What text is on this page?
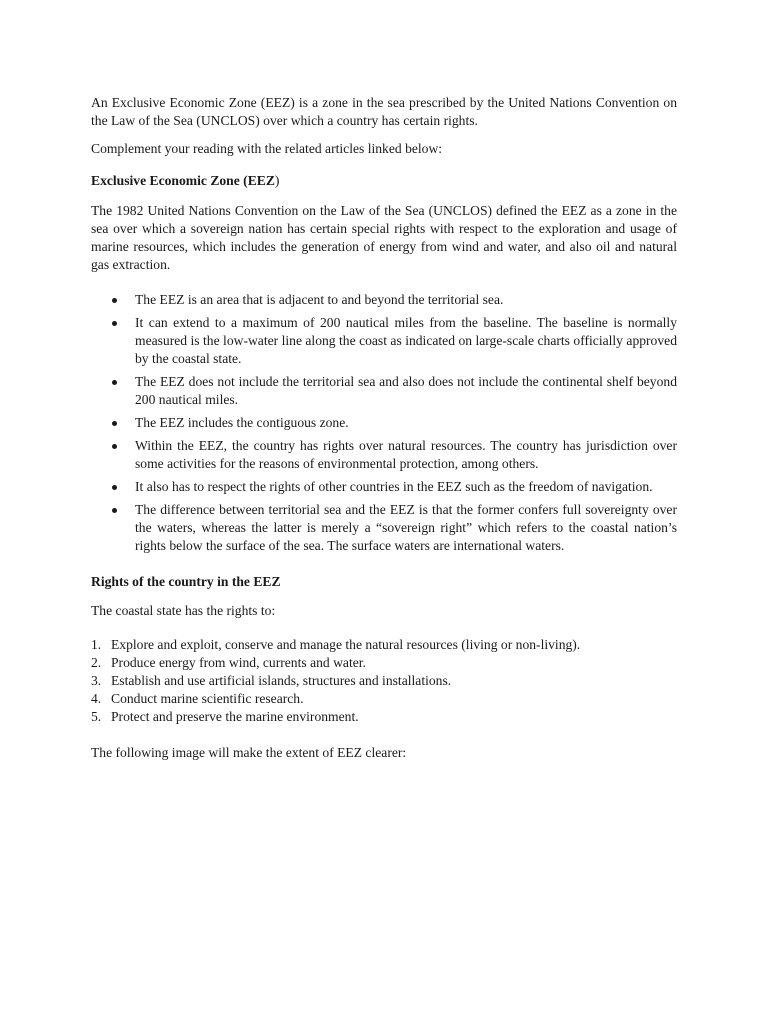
An Exclusive Economic Zone (EEZ) is a zone in the sea prescribed by the United Nations Convention on the Law of the Sea (UNCLOS) over which a country has certain rights.

Complement your reading with the related articles linked below:

Exclusive Economic Zone (EEZ)

The 1982 United Nations Convention on the Law of the Sea (UNCLOS) defined the EEZ as a zone in the sea over which a sovereign nation has certain special rights with respect to the exploration and usage of marine resources, which includes the generation of energy from wind and water, and also oil and natural gas extraction.

The EEZ is an area that is adjacent to and beyond the territorial sea.
It can extend to a maximum of 200 nautical miles from the baseline. The baseline is normally measured is the low-water line along the coast as indicated on large-scale charts officially approved by the coastal state.
The EEZ does not include the territorial sea and also does not include the continental shelf beyond 200 nautical miles.
The EEZ includes the contiguous zone.
Within the EEZ, the country has rights over natural resources. The country has jurisdiction over some activities for the reasons of environmental protection, among others.
It also has to respect the rights of other countries in the EEZ such as the freedom of navigation.
The difference between territorial sea and the EEZ is that the former confers full sovereignty over the waters, whereas the latter is merely a “sovereign right” which refers to the coastal nation’s rights below the surface of the sea. The surface waters are international waters.

Rights of the country in the EEZ

The coastal state has the rights to:

1. Explore and exploit, conserve and manage the natural resources (living or non-living).
2. Produce energy from wind, currents and water.
3. Establish and use artificial islands, structures and installations.
4. Conduct marine scientific research.
5. Protect and preserve the marine environment.

The following image will make the extent of EEZ clearer:
